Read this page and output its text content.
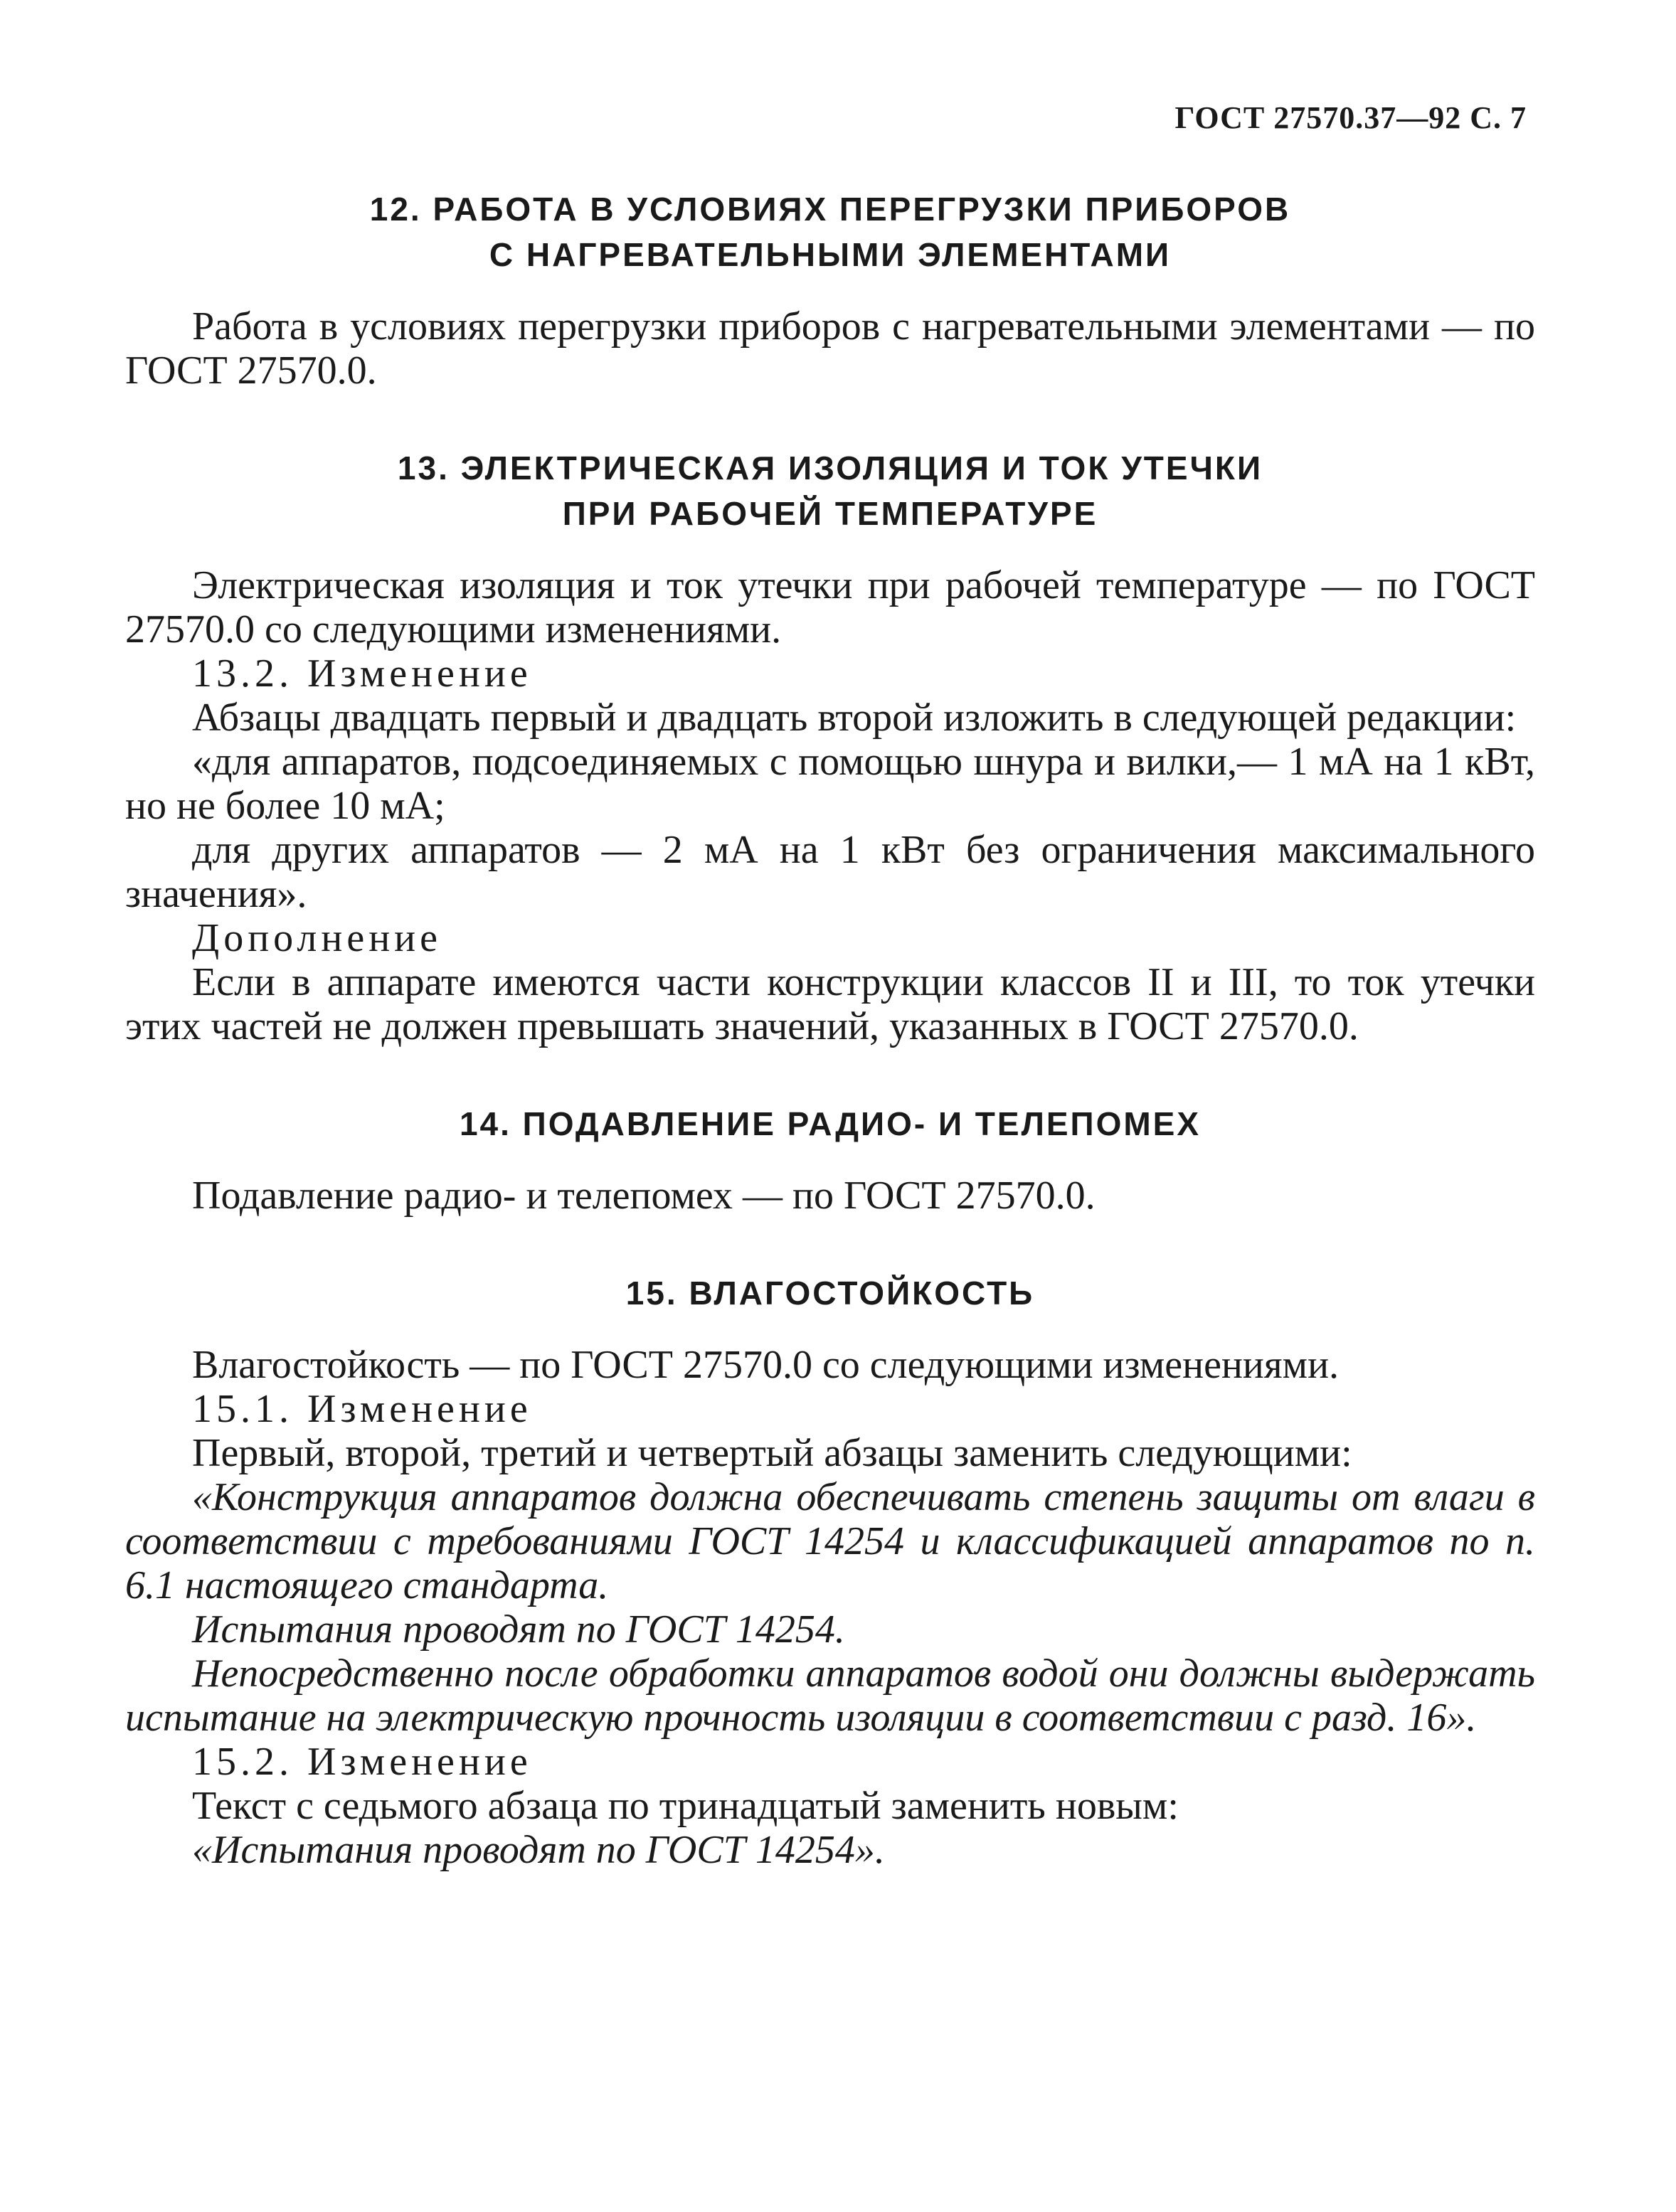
ГОСТ 27570.37—92 С. 7

12. РАБОТА В УСЛОВИЯХ ПЕРЕГРУЗКИ ПРИБОРОВ

С НАГРЕВАТЕЛЬНЫМИ ЭЛЕМЕНТАМИ

Работа в условиях перегрузки приборов с нагревательными элементами — по ГОСТ 27570.0.

13. ЭЛЕКТРИЧЕСКАЯ ИЗОЛЯЦИЯ И ТОК УТЕЧКИ

ПРИ РАБОЧЕЙ ТЕМПЕРАТУРЕ

Электрическая изоляция и ток утечки при рабочей температуре — по ГОСТ 27570.0 со следующими изменениями.

13.2. Изменение

Абзацы двадцать первый и двадцать второй изложить в следующей редакции:

«для аппаратов, подсоединяемых с помощью шнура и вилки,— 1 мА на 1 кВт, но не более 10 мА;

для других аппаратов — 2 мА на 1 кВт без ограничения максимального значения».

Дополнение

Если в аппарате имеются части конструкции классов II и III, то ток утечки этих частей не должен превышать значений, указанных в ГОСТ 27570.0.

14. ПОДАВЛЕНИЕ РАДИО- И ТЕЛЕПОМЕХ

Подавление радио- и телепомех — по ГОСТ 27570.0.

15. ВЛАГОСТОЙКОСТЬ

Влагостойкость — по ГОСТ 27570.0 со следующими изменениями.

15.1. Изменение

Первый, второй, третий и четвертый абзацы заменить следующими:

«Конструкция аппаратов должна обеспечивать степень защиты от влаги в соответствии с требованиями ГОСТ 14254 и классификацией аппаратов по п. 6.1 настоящего стандарта.

Испытания проводят по ГОСТ 14254.

Непосредственно после обработки аппаратов водой они должны выдержать испытание на электрическую прочность изоляции в соответствии с разд. 16».

15.2. Изменение

Текст с седьмого абзаца по тринадцатый заменить новым:

«Испытания проводят по ГОСТ 14254».
